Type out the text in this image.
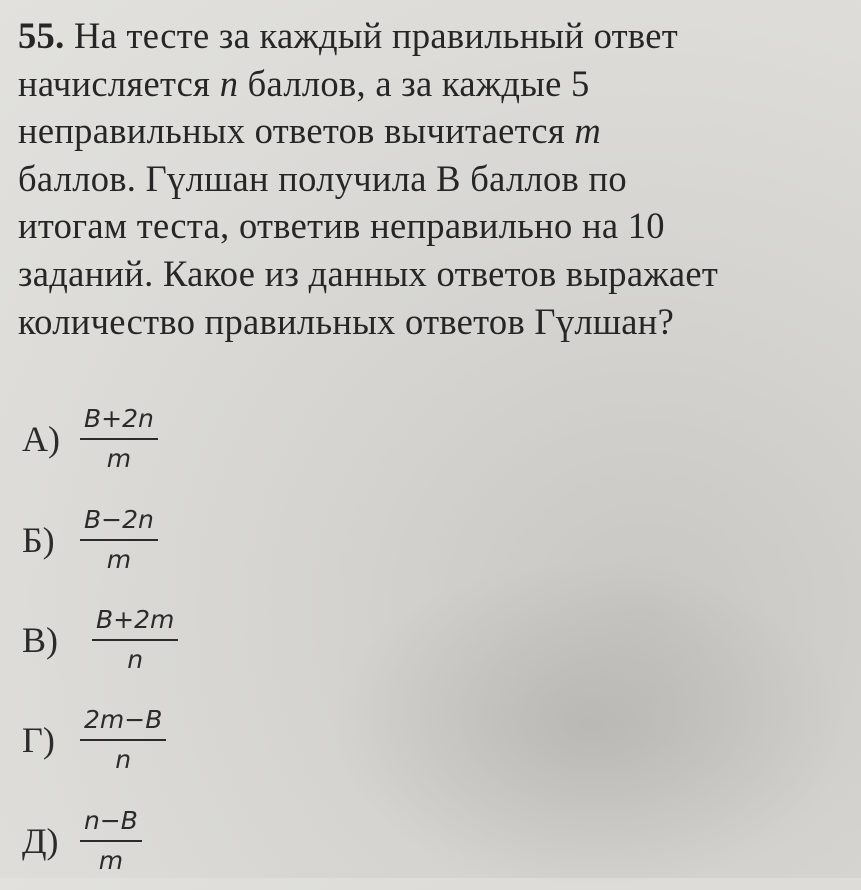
55. На тесте за каждый правильный ответ
начисляется n баллов, а за каждые 5
неправильных ответов вычитается m
баллов. Гүлшан получила B баллов по
итогам теста, ответив неправильно на 10
заданий. Какое из данных ответов выражает
количество правильных ответов Гүлшан?
$А) \frac{B+2n}{m}$
Б)	$\frac{B-2n}{m}$
В)	$\frac{B+2m}{n}$
Г)	$\frac{2m-B}{n}$
$Д) \frac{n-B}{m}$
